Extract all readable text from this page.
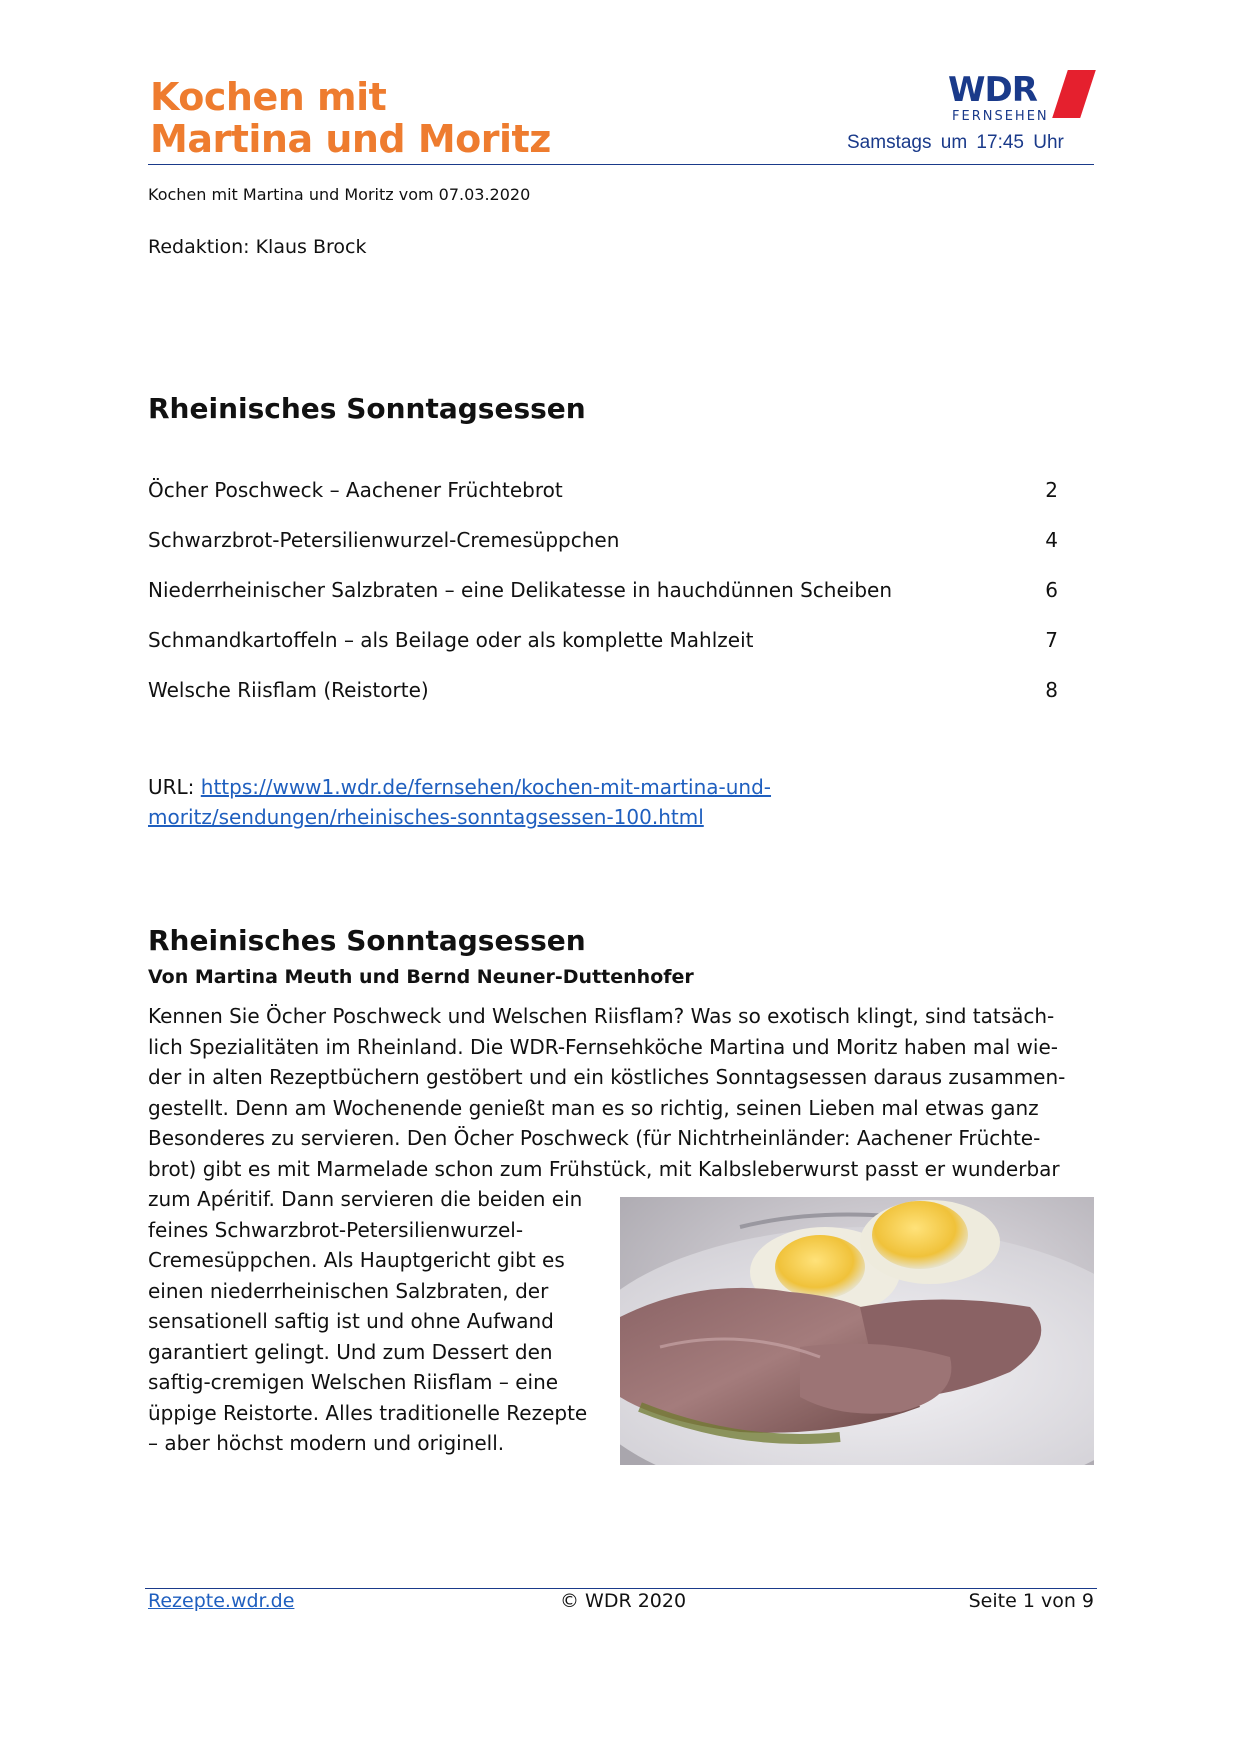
Kochen mit
Martina und Moritz
WDR
FERNSEHEN
Samstags um 17:45 Uhr
Kochen mit Martina und Moritz vom 07.03.2020
Redaktion: Klaus Brock
Rheinisches Sonntagsessen
Öcher Poschweck – Aachener Früchtebrot	2
Schwarzbrot-Petersilienwurzel-Cremesüppchen	4
Niederrheinischer Salzbraten – eine Delikatesse in hauchdünnen Scheiben	6
Schmandkartoffeln – als Beilage oder als komplette Mahlzeit	7
Welsche Riisflam (Reistorte)	8
URL: https://www1.wdr.de/fernsehen/kochen-mit-martina-und-
moritz/sendungen/rheinisches-sonntagsessen-100.html
Rheinisches Sonntagsessen
Von Martina Meuth und Bernd Neuner-Duttenhofer
Kennen Sie Öcher Poschweck und Welschen Riisflam? Was so exotisch klingt, sind tatsäch-
lich Spezialitäten im Rheinland. Die WDR-Fernsehköche Martina und Moritz haben mal wie-
der in alten Rezeptbüchern gestöbert und ein köstliches Sonntagsessen daraus zusammen-
gestellt. Denn am Wochenende genießt man es so richtig, seinen Lieben mal etwas ganz
Besonderes zu servieren. Den Öcher Poschweck (für Nichtrheinländer: Aachener Früchte-
brot) gibt es mit Marmelade schon zum Frühstück, mit Kalbsleberwurst passt er wunderbar
zum Apéritif. Dann servieren die beiden ein
feines Schwarzbrot-Petersilienwurzel-
Cremesüppchen. Als Hauptgericht gibt es
einen niederrheinischen Salzbraten, der
sensationell saftig ist und ohne Aufwand
garantiert gelingt. Und zum Dessert den
saftig-cremigen Welschen Riisflam – eine
üppige Reistorte. Alles traditionelle Rezepte
– aber höchst modern und originell.
Rezepte.wdr.de	© WDR 2020	Seite 1 von 9
